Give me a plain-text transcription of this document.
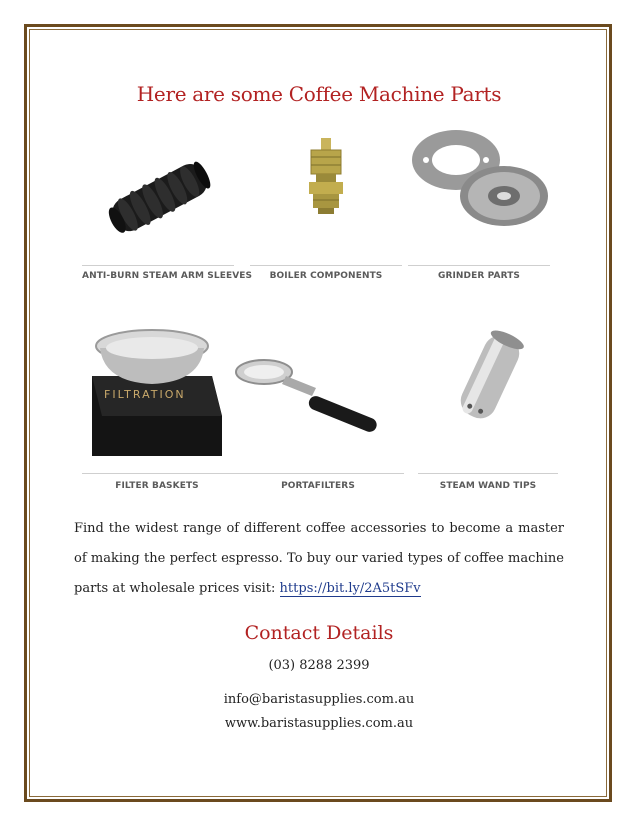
Here are some Coffee Machine Parts
ANTI-BURN STEAM ARM SLEEVES	BOILER COMPONENTS	GRINDER PARTS
FILTRATION
FILTER BASKETS	PORTAFILTERS	STEAM WAND TIPS
Find the widest range of different coffee accessories to become a master of making the perfect espresso. To buy our varied types of coffee machine parts at wholesale prices visit: https://bit.ly/2A5tSFv
Contact Details
(03) 8288 2399
info@baristasupplies.com.au
www.baristasupplies.com.au
